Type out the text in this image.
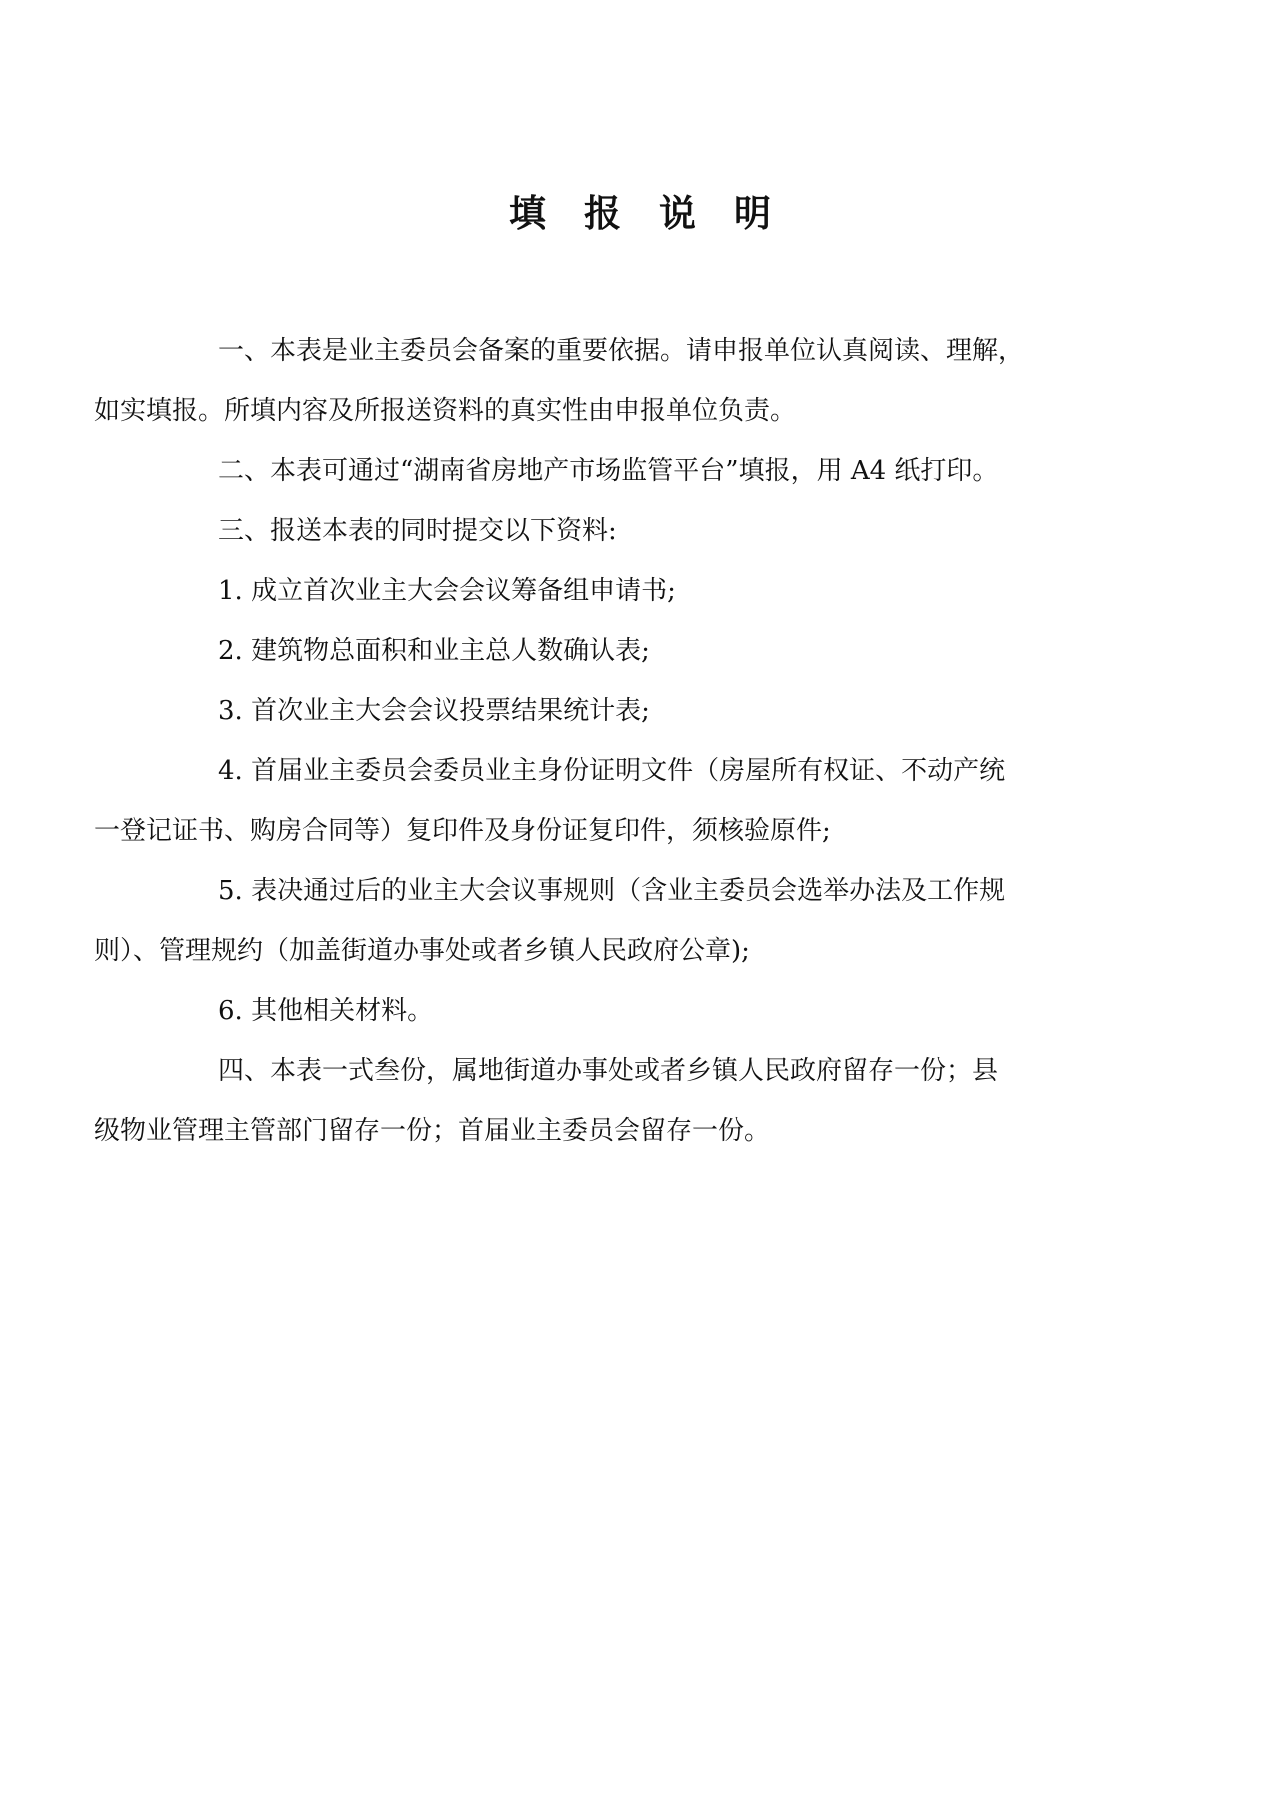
填报说明

一、本表是业主委员会备案的重要依据。请申报单位认真阅读、理解，
如实填报。所填内容及所报送资料的真实性由申报单位负责。

二、本表可通过“湖南省房地产市场监管平台”填报，用 A4 纸打印。

三、报送本表的同时提交以下资料:

1. 成立首次业主大会会议筹备组申请书;

2. 建筑物总面积和业主总人数确认表;

3. 首次业主大会会议投票结果统计表;

4. 首届业主委员会委员业主身份证明文件（房屋所有权证、不动产统
一登记证书、购房合同等）复印件及身份证复印件，须核验原件;

5. 表决通过后的业主大会议事规则（含业主委员会选举办法及工作规
则）、管理规约（加盖街道办事处或者乡镇人民政府公章);

6. 其他相关材料。

四、本表一式叁份，属地街道办事处或者乡镇人民政府留存一份；县
级物业管理主管部门留存一份；首届业主委员会留存一份。
